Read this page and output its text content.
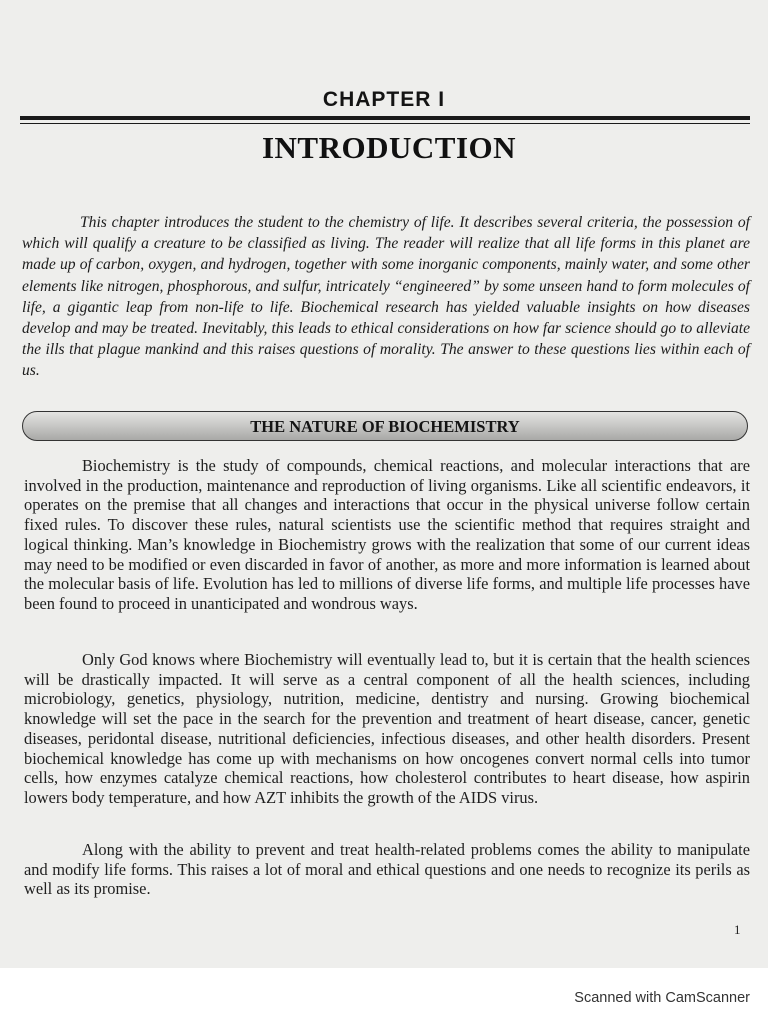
CHAPTER I
INTRODUCTION

This chapter introduces the student to the chemistry of life. It describes several criteria, the possession of which will qualify a creature to be classified as living. The reader will realize that all life forms in this planet are made up of carbon, oxygen, and hydrogen, together with some inorganic components, mainly water, and some other elements like nitrogen, phosphorous, and sulfur, intricately “engineered” by some unseen hand to form molecules of life, a gigantic leap from non-life to life. Biochemical research has yielded valuable insights on how diseases develop and may be treated. Inevitably, this leads to ethical considerations on how far science should go to alleviate the ills that plague mankind and this raises questions of morality. The answer to these questions lies within each of us.

THE NATURE OF BIOCHEMISTRY

Biochemistry is the study of compounds, chemical reactions, and molecular interactions that are involved in the production, maintenance and reproduction of living organisms. Like all scientific endeavors, it operates on the premise that all changes and interactions that occur in the physical universe follow certain fixed rules. To discover these rules, natural scientists use the scientific method that requires straight and logical thinking. Man’s knowledge in Biochemistry grows with the realization that some of our current ideas may need to be modified or even discarded in favor of another, as more and more information is learned about the molecular basis of life. Evolution has led to millions of diverse life forms, and multiple life processes have been found to proceed in unanticipated and wondrous ways.

Only God knows where Biochemistry will eventually lead to, but it is certain that the health sciences will be drastically impacted. It will serve as a central component of all the health sciences, including microbiology, genetics, physiology, nutrition, medicine, dentistry and nursing. Growing biochemical knowledge will set the pace in the search for the prevention and treatment of heart disease, cancer, genetic diseases, peridontal disease, nutritional deficiencies, infectious diseases, and other health disorders. Present biochemical knowledge has come up with mechanisms on how oncogenes convert normal cells into tumor cells, how enzymes catalyze chemical reactions, how cholesterol contributes to heart disease, how aspirin lowers body temperature, and how AZT inhibits the growth of the AIDS virus.

Along with the ability to prevent and treat health-related problems comes the ability to manipulate and modify life forms. This raises a lot of moral and ethical questions and one needs to recognize its perils as well as its promise.

1
Scanned with CamScanner
